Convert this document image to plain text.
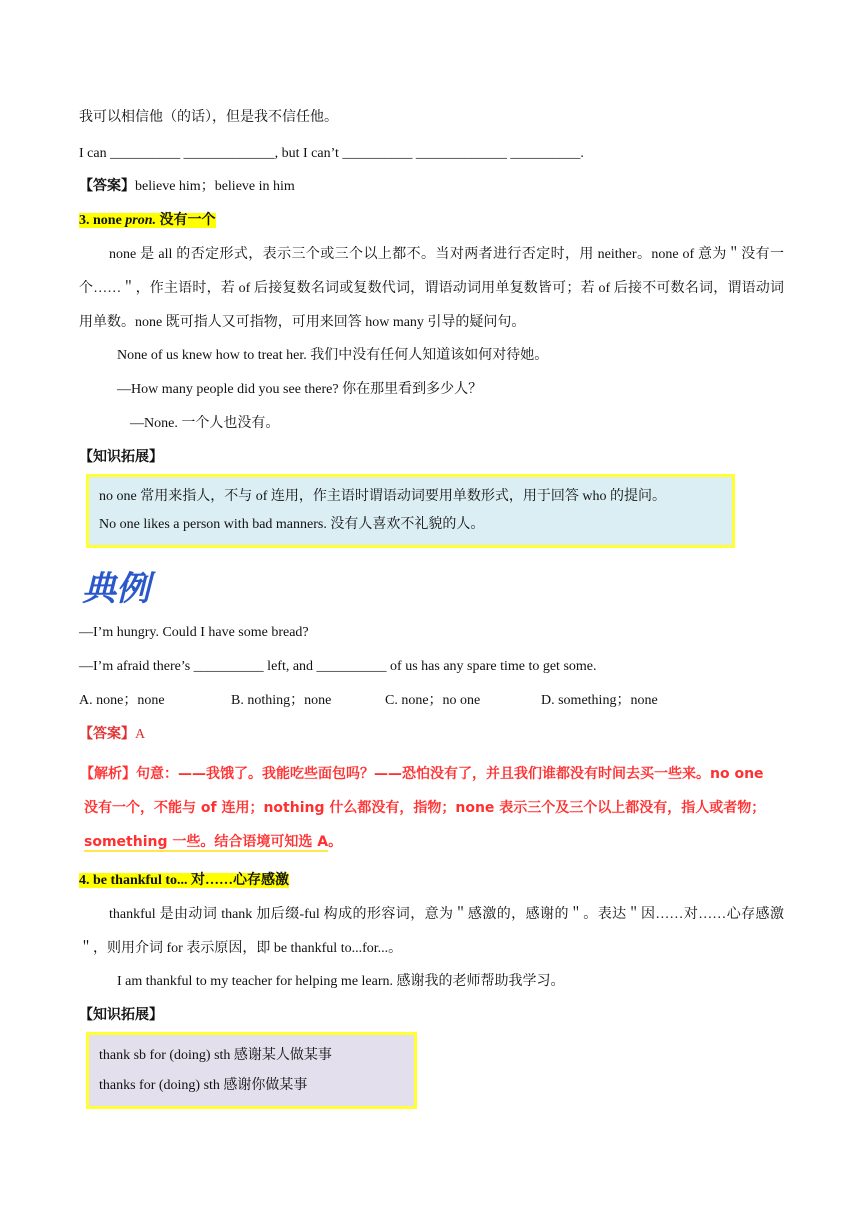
我可以相信他（的话），但是我不信任他。
I can __________ _____________, but I can’t __________ _____________ __________.
【答案】believe him；believe in him
3. none pron. 没有一个
none 是 all 的否定形式，表示三个或三个以上都不。当对两者进行否定时，用 neither。none of 意为＂没有一个……＂，作主语时，若 of 后接复数名词或复数代词，谓语动词用单复数皆可；若 of 后接不可数名词，谓语动词用单数。none 既可指人又可指物，可用来回答 how many 引导的疑问句。
None of us knew how to treat her. 我们中没有任何人知道该如何对待她。
—How many people did you see there? 你在那里看到多少人？
—None. 一个人也没有。
【知识拓展】

no one 常用来指人，不与 of 连用，作主语时谓语动词要用单数形式，用于回答 who 的提问。

No one likes a person with bad manners. 没有人喜欢不礼貌的人。

典例
—I’m hungry. Could I have some bread?
—I’m afraid there’s __________ left, and __________ of us has any spare time to get some.
A. none；none	B. nothing；none	C. none；no one	D. something；none
【答案】A
【解析】句意：——我饿了。我能吃些面包吗？——恐怕没有了，并且我们谁都没有时间去买一些来。no one
没有一个，不能与 of 连用；nothing 什么都没有，指物；none 表示三个及三个以上都没有，指人或者物；
something 一些。结合语境可知选 A。
4. be thankful to... 对……心存感激
thankful 是由动词 thank 加后缀-ful 构成的形容词，意为＂感激的，感谢的＂。表达＂因……对……心存感激＂，则用介词 for 表示原因，即 be thankful to...for...。
I am thankful to my teacher for helping me learn. 感谢我的老师帮助我学习。
【知识拓展】

thank sb for (doing) sth 感谢某人做某事

thanks for (doing) sth 感谢你做某事
